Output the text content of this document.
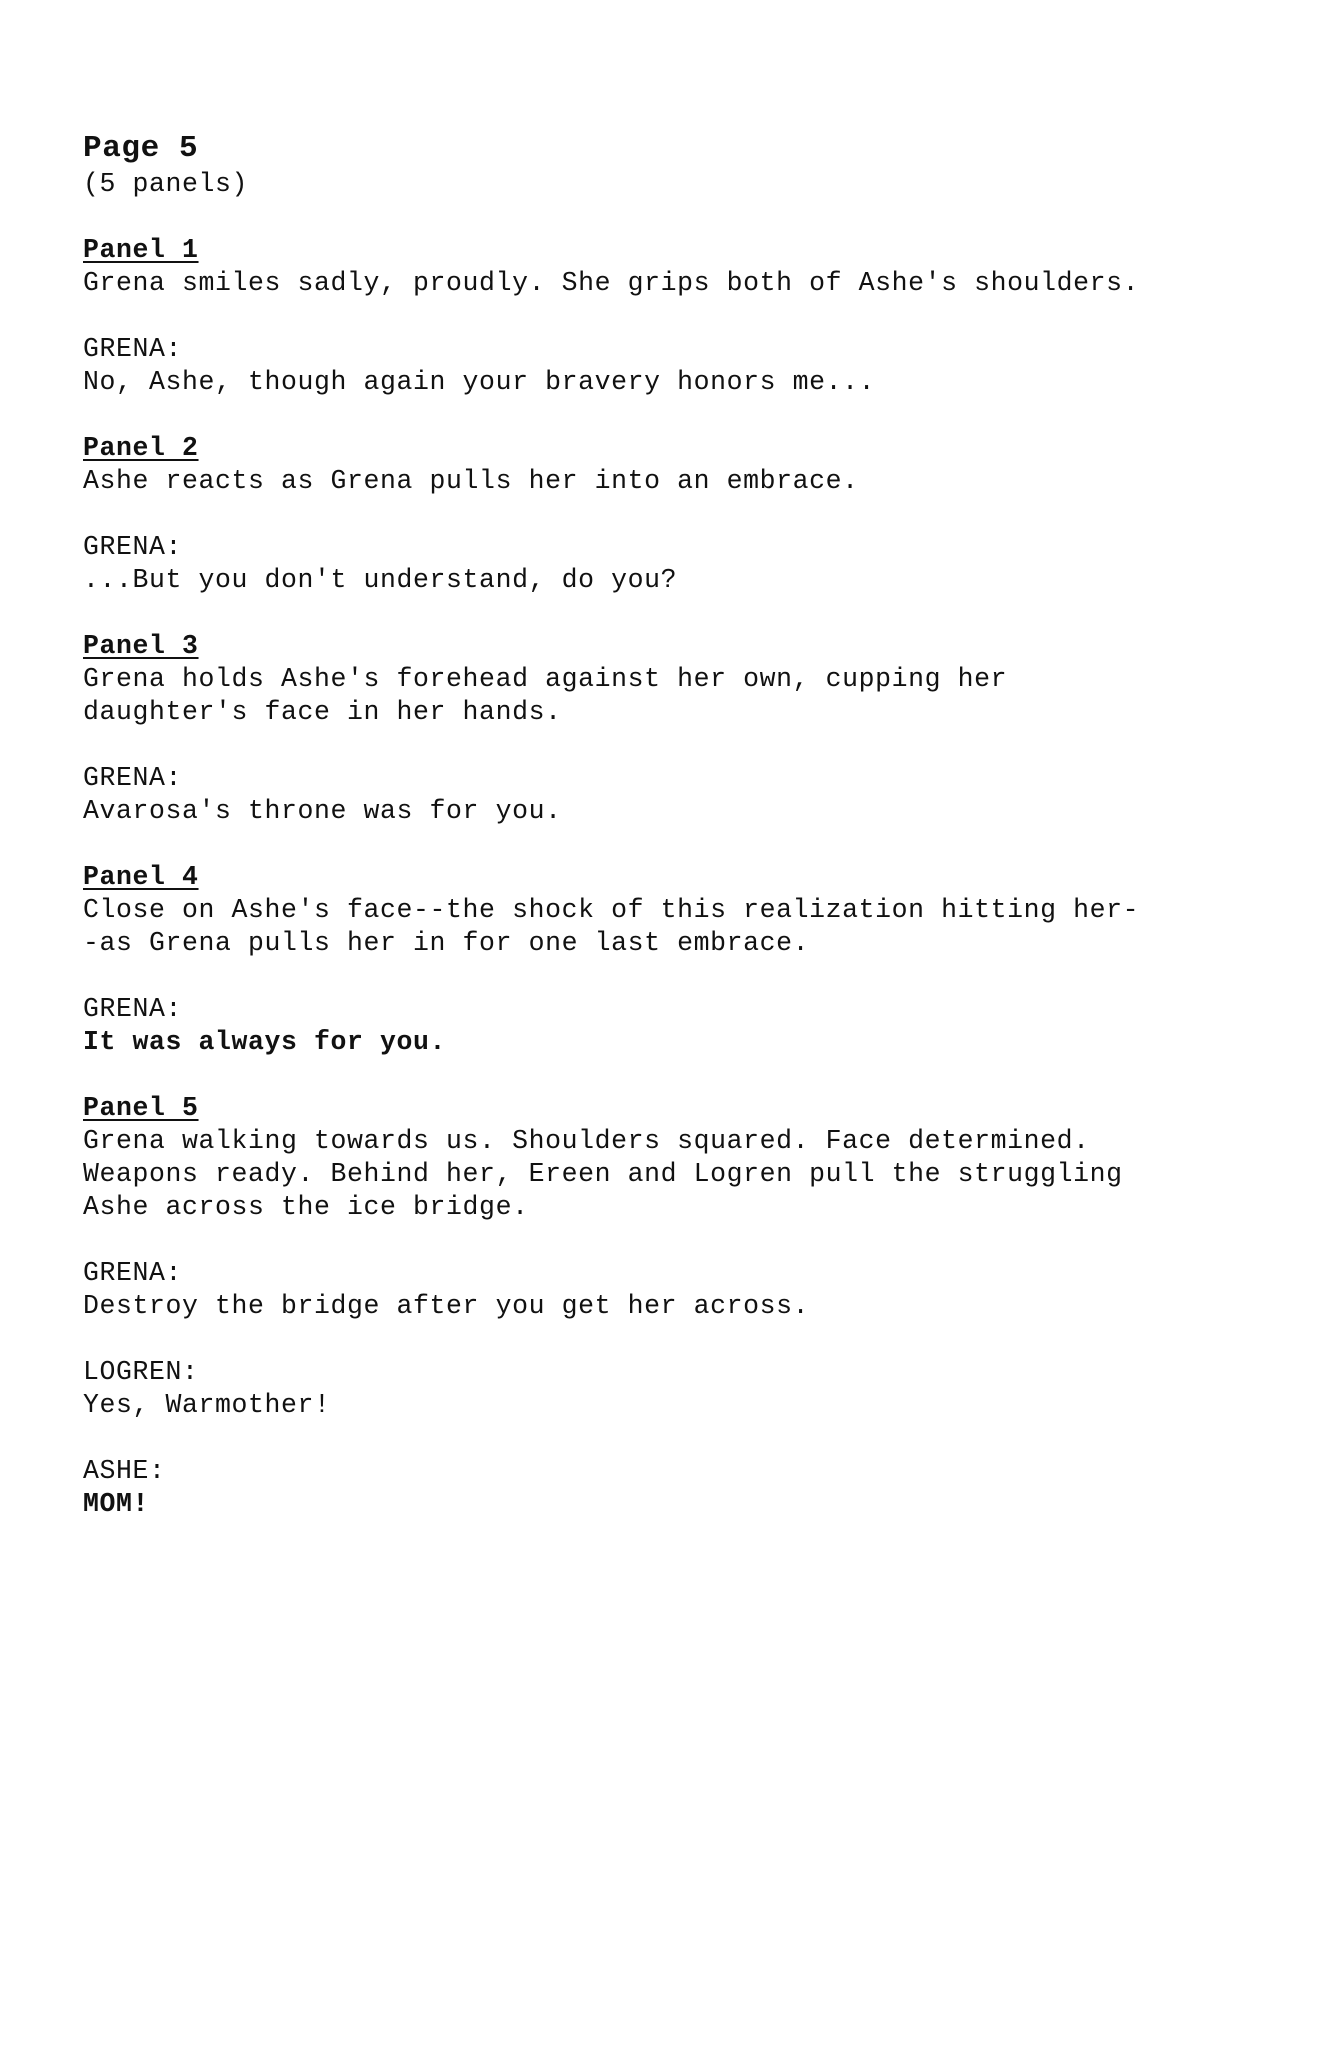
Page 5
(5 panels)
Panel 1
Grena smiles sadly, proudly. She grips both of Ashe's shoulders.
GRENA:
No, Ashe, though again your bravery honors me...
Panel 2
Ashe reacts as Grena pulls her into an embrace.
GRENA:
...But you don't understand, do you?
Panel 3
Grena holds Ashe's forehead against her own, cupping her
daughter's face in her hands.
GRENA:
Avarosa's throne was for you.
Panel 4
Close on Ashe's face--the shock of this realization hitting her-
-as Grena pulls her in for one last embrace.
GRENA:
It was always for you.
Panel 5
Grena walking towards us. Shoulders squared. Face determined.
Weapons ready. Behind her, Ereen and Logren pull the struggling
Ashe across the ice bridge.
GRENA:
Destroy the bridge after you get her across.
LOGREN:
Yes, Warmother!
ASHE:
MOM!
